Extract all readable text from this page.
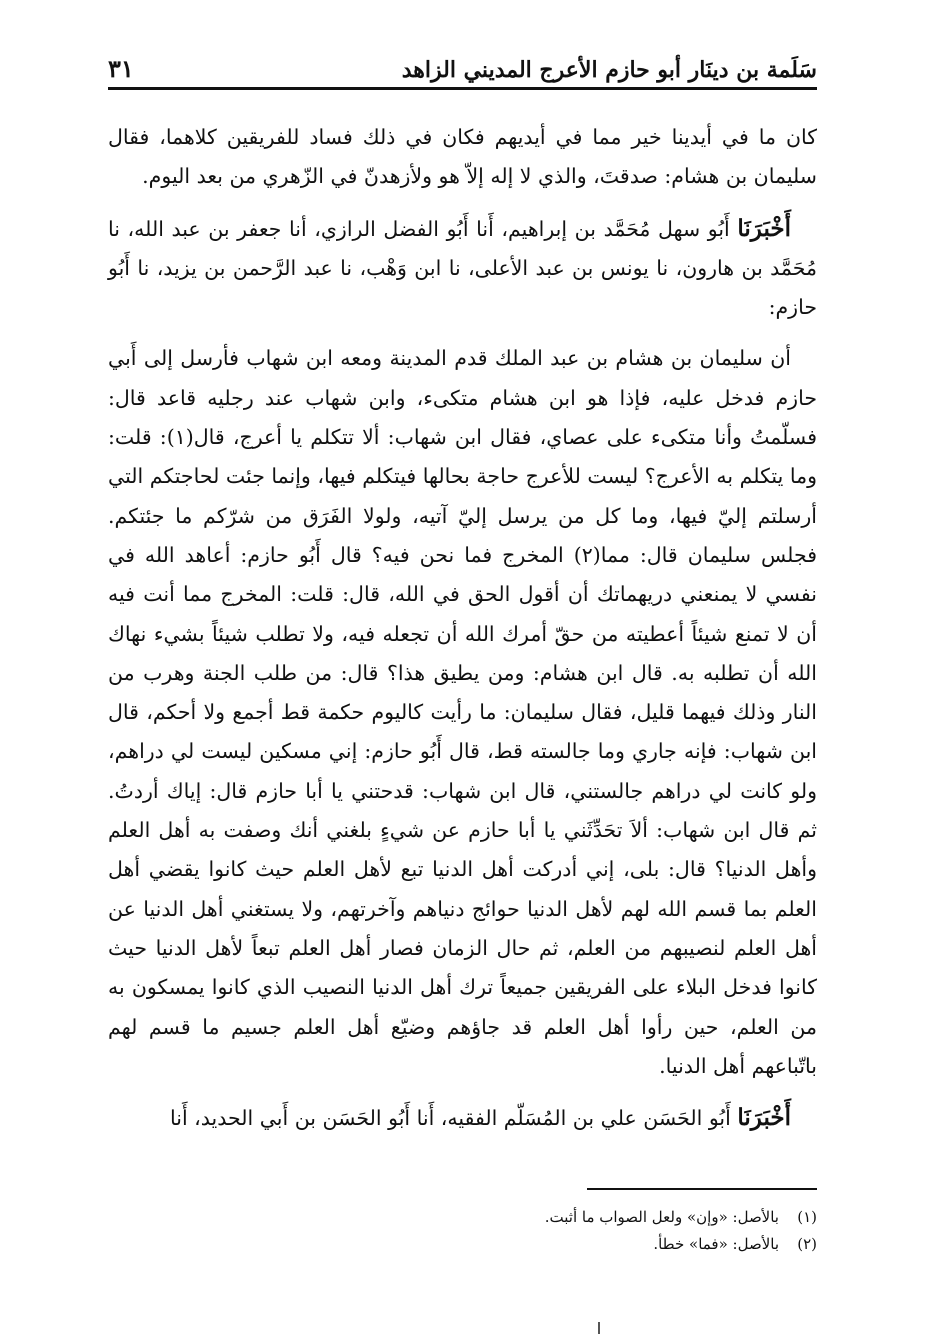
سَلَمة بن دينَار أبو حازم الأعرج المديني الزاهد
٣١

كان ما في أيدينا خير مما في أيديهم فكان في ذلك فساد للفريقين كلاهما، فقال سليمان بن هشام: صدقتَ، والذي لا إله إلاّ هو ولأزهدنّ في الزّهري من بعد اليوم.

أَخْبَرَنَا أَبُو سهل مُحَمَّد بن إبراهيم، أَنا أَبُو الفضل الرازي، أنا جعفر بن عبد الله، نا مُحَمَّد بن هارون، نا يونس بن عبد الأعلى، نا ابن وَهْب، نا عبد الرَّحمن بن يزيد، نا أَبُو حازم:

أن سليمان بن هشام بن عبد الملك قدم المدينة ومعه ابن شهاب فأرسل إلى أَبي حازم فدخل عليه، فإذا هو ابن هشام متكىء، وابن شهاب عند رجليه قاعد قال: فسلّمتُ وأنا متكىء على عصاي، فقال ابن شهاب: ألا تتكلم يا أعرج، قال(١): قلت: وما يتكلم به الأعرج؟ ليست للأعرج حاجة بحالها فيتكلم فيها، وإنما جئت لحاجتكم التي أرسلتم إليّ فيها، وما كل من يرسل إليّ آتيه، ولولا الفَرَق من شرّكم ما جئتكم. فجلس سليمان قال: مما(٢) المخرج فما نحن فيه؟ قال أَبُو حازم: أعاهد الله في نفسي لا يمنعني دريهماتك أن أقول الحق في الله، قال: قلت: المخرج مما أنت فيه أن لا تمنع شيئاً أعطيته من حقّ أمرك الله أن تجعله فيه، ولا تطلب شيئاً بشيء نهاك الله أن تطلبه به. قال ابن هشام: ومن يطيق هذا؟ قال: من طلب الجنة وهرب من النار وذلك فيهما قليل، فقال سليمان: ما رأيت كاليوم حكمة قط أجمع ولا أحكم، قال ابن شهاب: فإنه جاري وما جالسته قط، قال أَبُو حازم: إني مسكين ليست لي دراهم، ولو كانت لي دراهم جالستني، قال ابن شهاب: قدحتني يا أبا حازم قال: إياك أردتُ. ثم قال ابن شهاب: ألاَ تحَدِّثَني يا أبا حازم عن شيءٍ بلغني أنك وصفت به أهل العلم وأهل الدنيا؟ قال: بلى، إني أدركت أهل الدنيا تبع لأهل العلم حيث كانوا يقضي أهل العلم بما قسم الله لهم لأهل الدنيا حوائج دنياهم وآخرتهم، ولا يستغني أهل الدنيا عن أهل العلم لنصيبهم من العلم، ثم حال الزمان فصار أهل العلم تبعاً لأهل الدنيا حيث كانوا فدخل البلاء على الفريقين جميعاً ترك أهل الدنيا النصيب الذي كانوا يمسكون به من العلم، حين رأوا أهل العلم قد جاؤهم وضيّع أهل العلم جسيم ما قسم لهم باتّباعهم أهل الدنيا.

أَخْبَرَنَا أَبُو الحَسَن علي بن المُسَلّم الفقيه، أَنا أَبُو الحَسَن بن أَبي الحديد، أَنا

(١)
بالأصل: «وإن» ولعل الصواب ما أثبت.
(٢)
بالأصل: «فما» خطأ.
